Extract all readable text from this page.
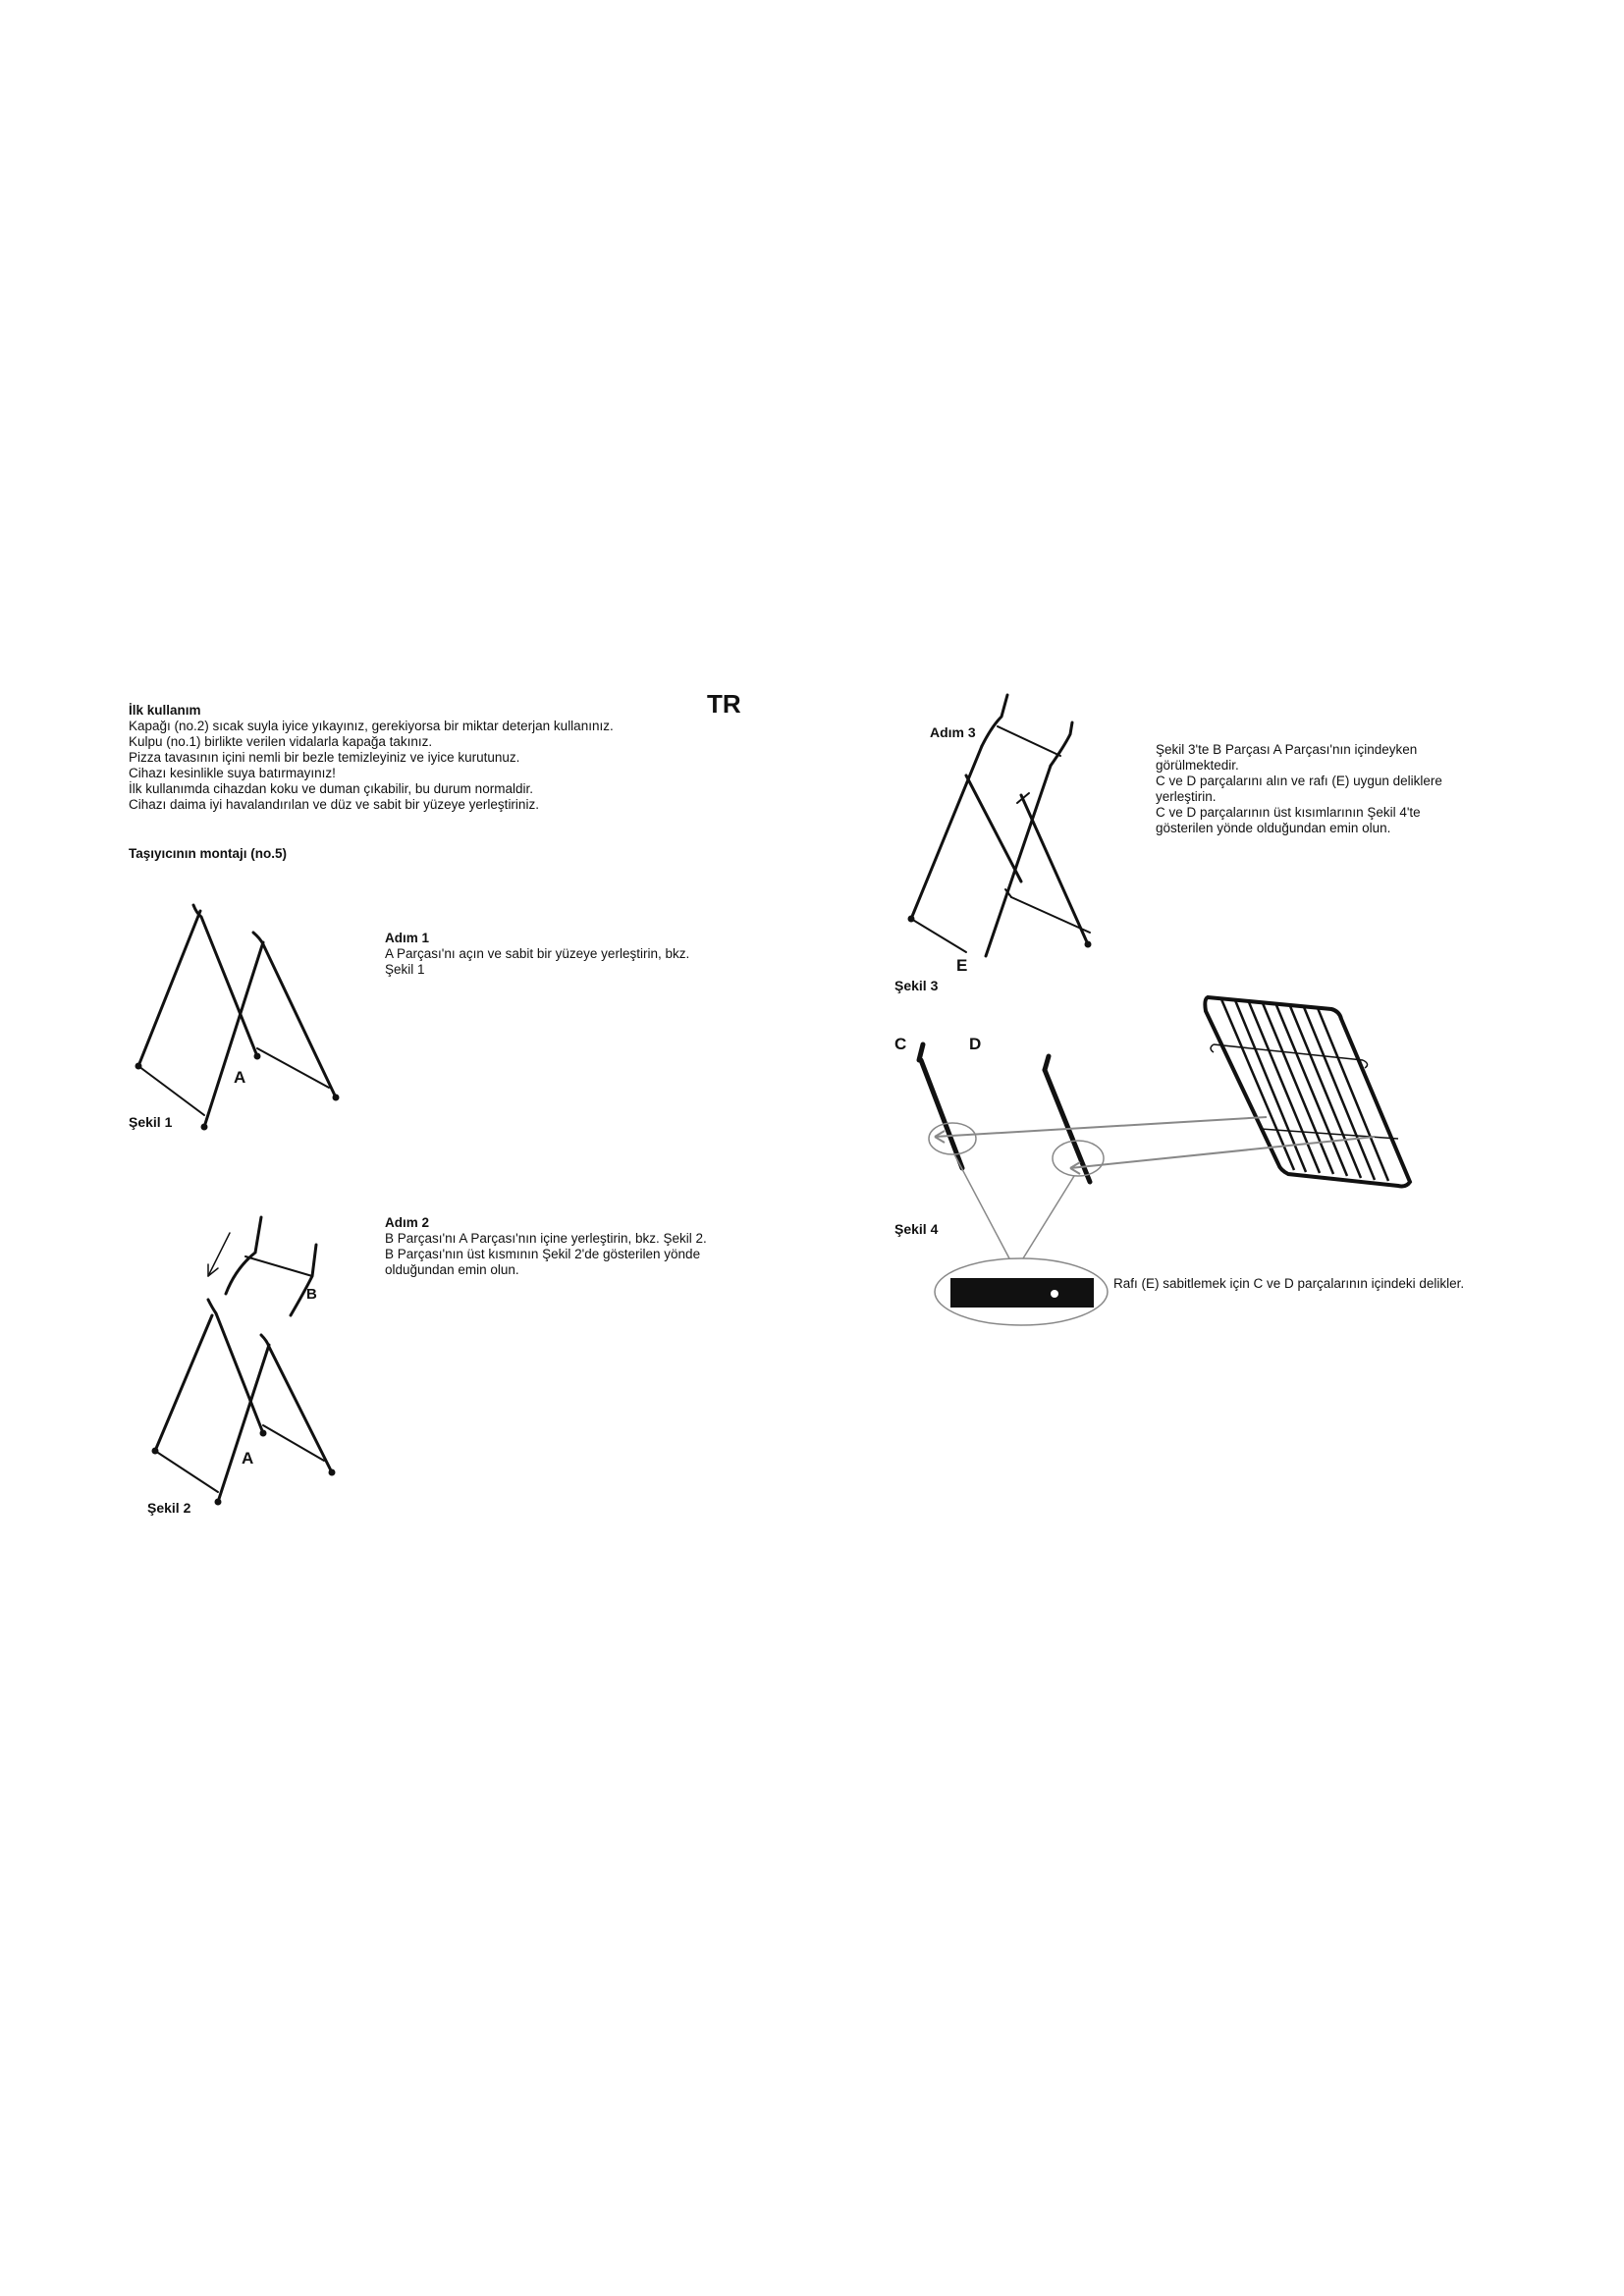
TR
İlk kullanım
Kapağı (no.2) sıcak suyla iyice yıkayınız, gerekiyorsa bir miktar deterjan kullanınız.
Kulpu (no.1) birlikte verilen vidalarla kapağa takınız.
Pizza tavasının içini nemli bir bezle temizleyiniz ve iyice kurutunuz.
Cihazı kesinlikle suya batırmayınız!
İlk kullanımda cihazdan koku ve duman çıkabilir, bu durum normaldir.
Cihazı daima iyi havalandırılan ve düz ve sabit bir yüzeye yerleştiriniz.
Taşıyıcının montajı (no.5)
Adım 1
A Parçası'nı açın ve sabit bir yüzeye yerleştirin, bkz.
Şekil 1
A
Şekil 1
Adım 2
B Parçası'nı A Parçası'nın içine yerleştirin, bkz. Şekil 2.
B Parçası'nın üst kısmının Şekil 2'de gösterilen yönde
olduğundan emin olun.
B
A
Şekil 2
Adım 3
Şekil 3'te B Parçası A Parçası'nın içindeyken
görülmektedir.
C ve D parçalarını alın ve rafı (E) uygun deliklere
yerleştirin.
C ve D parçalarının üst kısımlarının Şekil 4'te
gösterilen yönde olduğundan emin olun.
E
Şekil 3
C	D
Şekil 4
Rafı (E) sabitlemek için C ve D parçalarının içindeki delikler.
